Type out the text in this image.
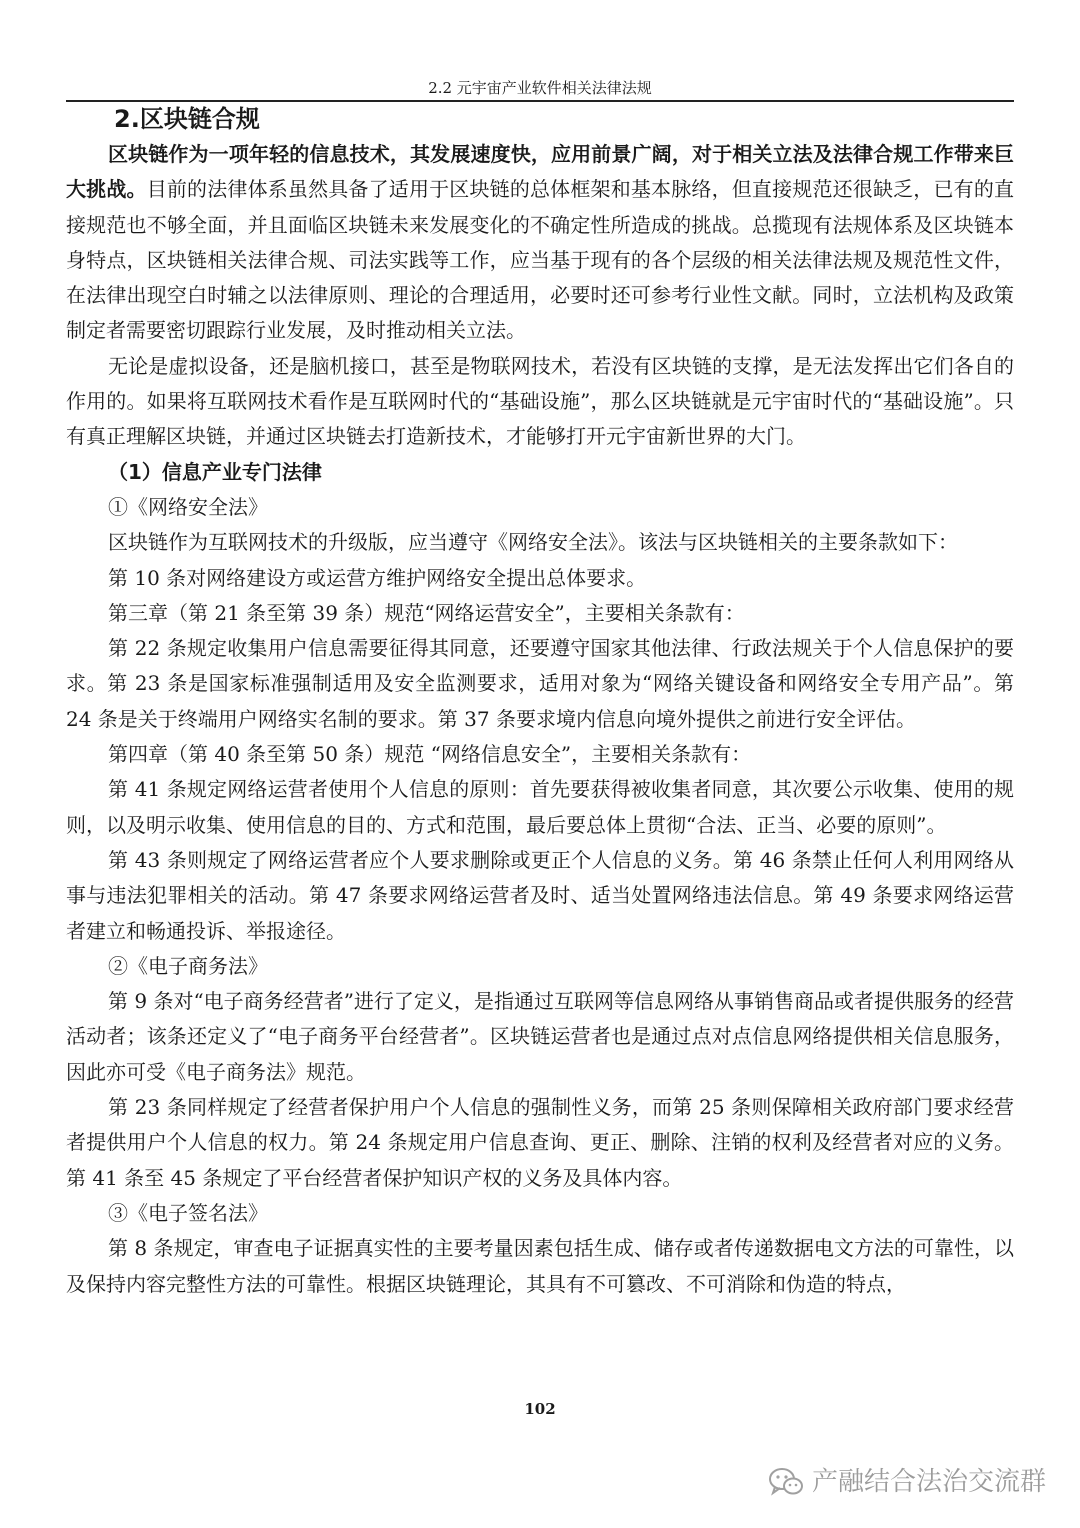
2.2 元宇宙产业软件相关法律法规
2.区块链合规

区块链作为一项年轻的信息技术，其发展速度快，应用前景广阔，对于相关立法及法律合规工作带来巨大挑战。目前的法律体系虽然具备了适用于区块链的总体框架和基本脉络，但直接规范还很缺乏，已有的直接规范也不够全面，并且面临区块链未来发展变化的不确定性所造成的挑战。总揽现有法规体系及区块链本身特点，区块链相关法律合规、司法实践等工作，应当基于现有的各个层级的相关法律法规及规范性文件，在法律出现空白时辅之以法律原则、理论的合理适用，必要时还可参考行业性文献。同时，立法机构及政策制定者需要密切跟踪行业发展，及时推动相关立法。

无论是虚拟设备，还是脑机接口，甚至是物联网技术，若没有区块链的支撑，是无法发挥出它们各自的作用的。如果将互联网技术看作是互联网时代的“基础设施”，那么区块链就是元宇宙时代的“基础设施”。只有真正理解区块链，并通过区块链去打造新技术，才能够打开元宇宙新世界的大门。

（1）信息产业专门法律

①《网络安全法》

区块链作为互联网技术的升级版，应当遵守《网络安全法》。该法与区块链相关的主要条款如下：

第 10 条对网络建设方或运营方维护网络安全提出总体要求。

第三章（第 21 条至第 39 条）规范“网络运营安全”，主要相关条款有：

第 22 条规定收集用户信息需要征得其同意，还要遵守国家其他法律、行政法规关于个人信息保护的要求。第 23 条是国家标准强制适用及安全监测要求，适用对象为“网络关键设备和网络安全专用产品”。第 24 条是关于终端用户网络实名制的要求。第 37 条要求境内信息向境外提供之前进行安全评估。

第四章（第 40 条至第 50 条）规范 “网络信息安全”，主要相关条款有：

第 41 条规定网络运营者使用个人信息的原则：首先要获得被收集者同意，其次要公示收集、使用的规则，以及明示收集、使用信息的目的、方式和范围，最后要总体上贯彻“合法、正当、必要的原则”。

第 43 条则规定了网络运营者应个人要求删除或更正个人信息的义务。第 46 条禁止任何人利用网络从事与违法犯罪相关的活动。第 47 条要求网络运营者及时、适当处置网络违法信息。第 49 条要求网络运营者建立和畅通投诉、举报途径。

②《电子商务法》

第 9 条对“电子商务经营者”进行了定义，是指通过互联网等信息网络从事销售商品或者提供服务的经营活动者；该条还定义了“电子商务平台经营者”。区块链运营者也是通过点对点信息网络提供相关信息服务，因此亦可受《电子商务法》规范。

第 23 条同样规定了经营者保护用户个人信息的强制性义务，而第 25 条则保障相关政府部门要求经营者提供用户个人信息的权力。第 24 条规定用户信息查询、更正、删除、注销的权利及经营者对应的义务。第 41 条至 45 条规定了平台经营者保护知识产权的义务及具体内容。

③《电子签名法》

第 8 条规定，审查电子证据真实性的主要考量因素包括生成、储存或者传递数据电文方法的可靠性，以及保持内容完整性方法的可靠性。根据区块链理论，其具有不可篡改、不可消除和伪造的特点，

102
产融结合法治交流群
